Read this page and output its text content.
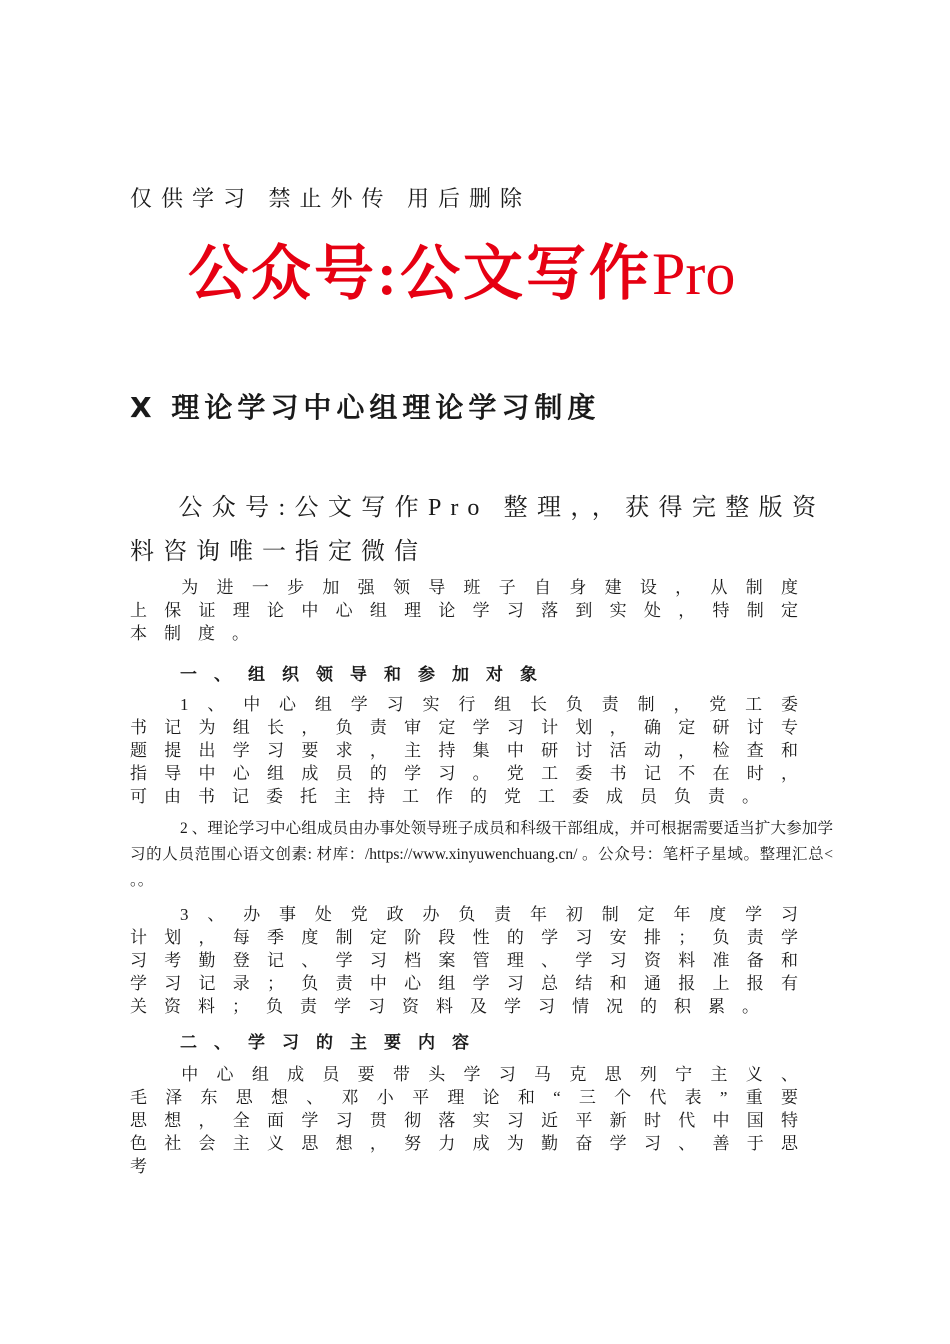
仅供学习 禁止外传 用后删除
公众号:公文写作Pro
X 理论学习中心组理论学习制度
公众号:公文写作Pro 整理，，获得完整版资料咨询唯一指定微信
为进一步加强领导班子自身建设，从制度上保证理论中心组理论学习落到实处，特制定本制度。
一、组织领导和参加对象
1、中心组学习实行组长负责制，党工委书记为组长，负责审定学习计划，确定研讨专题提出学习要求，主持集中研讨活动，检查和指导中心组成员的学习。党工委书记不在时，可由书记委托主持工作的党工委成员负责。
2 、理论学习中心组成员由办事处领导班子成员和科级干部组成，并可根据需要适当扩大参加学习的人员范围心语文创素: 材库：/https://www.xinyuwenchuang.cn/ 。公众号：笔杆子星域。整理汇总< 。。
3、办事处党政办负责年初制定年度学习计划，每季度制定阶段性的学习安排；负责学习考勤登记、学习档案管理、学习资料准备和学习记录；负责中心组学习总结和通报上报有关资料；负责学习资料及学习情况的积累。
二、学习的主要内容
中心组成员要带头学习马克思列宁主义、毛泽东思想、邓小平理论和“三个代表”重要思想，全面学习贯彻落实习近平新时代中国特色社会主义思想，努力成为勤奋学习、善于思考
